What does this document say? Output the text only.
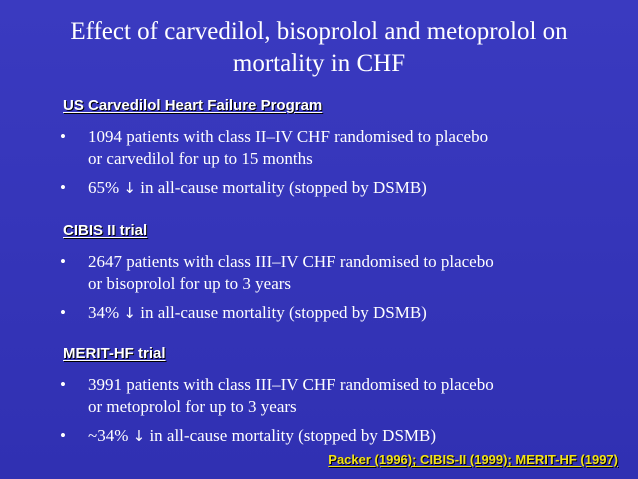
Effect of carvedilol, bisoprolol and metoprolol on
mortality in CHF
US Carvedilol Heart Failure Program
• 1094 patients with class II–IV CHF randomised to placebo
or carvedilol for up to 15 months
• 65% ↓ in all-cause mortality (stopped by DSMB)
CIBIS II trial
• 2647 patients with class III–IV CHF randomised to placebo
or bisoprolol for up to 3 years
• 34% ↓ in all-cause mortality (stopped by DSMB)
MERIT-HF trial
• 3991 patients with class III–IV CHF randomised to placebo
or metoprolol for up to 3 years
• ~34% ↓ in all-cause mortality (stopped by DSMB)
Packer (1996); CIBIS-II (1999); MERIT-HF (1997)
